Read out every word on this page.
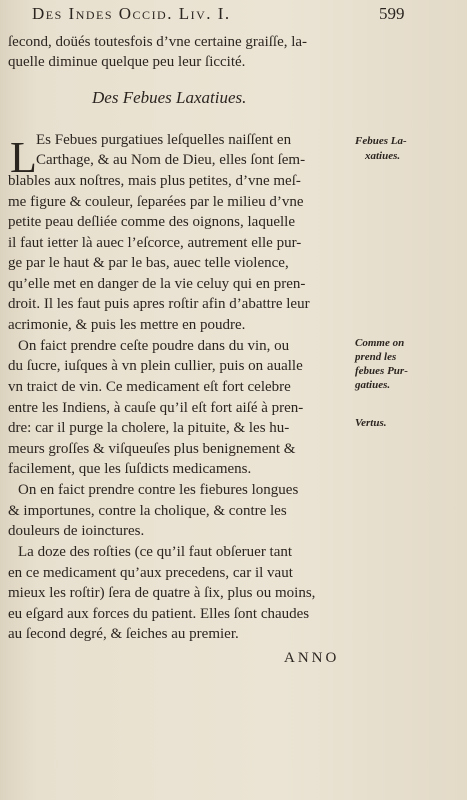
Des Indes Occid. Liv. I.	599
ſecond, doüés toutesfois d’vne certaine graiſſe, la-
quelle diminue quelque peu leur ſiccité.
Des Febues Laxatiues.
L Es Febues purgatiues leſquelles naiſſent en
Carthage, & au Nom de Dieu, elles ſont ſem-
blables aux noſtres, mais plus petites, d’vne meſ-
me figure & couleur, ſeparées par le milieu d’vne
petite peau deſliée comme des oignons, laquelle
il faut ietter là auec l’eſcorce, autrement elle pur-
ge par le haut & par le bas, auec telle violence,
qu’elle met en danger de la vie celuy qui en pren-
droit. Il les faut puis apres roſtir afin d’abattre leur
acrimonie, & puis les mettre en poudre.
On faict prendre ceſte poudre dans du vin, ou
du ſucre, iuſques à vn plein cullier, puis on aualle
vn traict de vin. Ce medicament eſt fort celebre
entre les Indiens, à cauſe qu’il eſt fort aiſé à pren-
dre: car il purge la cholere, la pituite, & les hu-
meurs groſſes & viſqueuſes plus benignement &
facilement, que les ſuſdicts medicamens.
On en faict prendre contre les fiebures longues
& importunes, contre la cholique, & contre les
douleurs de ioinctures.
La doze des roſties (ce qu’il faut obſeruer tant
en ce medicament qu’aux precedens, car il vaut
mieux les roſtir) ſera de quatre à ſix, plus ou moins,
eu eſgard aux forces du patient. Elles ſont chaudes
au ſecond degré, & ſeiches au premier.
Febues La-
xatiues.
Comme on
prend les
febues Pur-
gatiues.
Vertus.
ANNO
